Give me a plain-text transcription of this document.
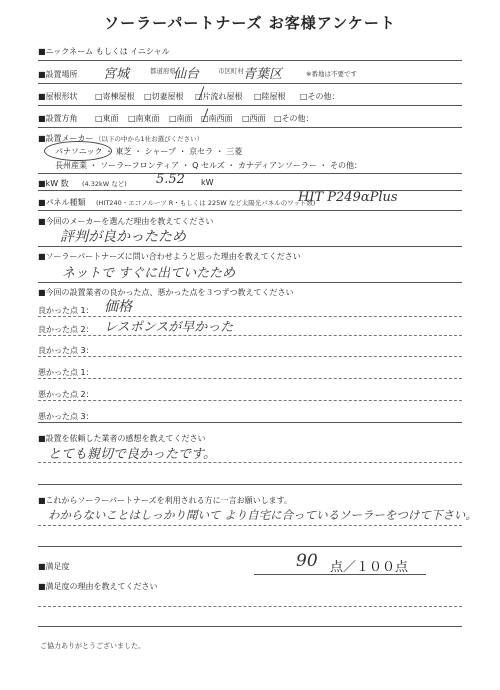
ソーラーパートナーズ お客様アンケート
■ニックネーム もしくは イニシャル
■設置場所 宮城	都道府県
仙台	市区町村 青葉区	※番地は不要です
■屋根形状 □寄棟屋根 □切妻屋根 □片流れ屋根 □陸屋根 □その他：
■設置方角 □東面 □南東面 □南面 □南西面 □西面 □その他：
■設置メーカー （以下の中から1社お選びください）
パナソニック ・ 東芝 ・ シャープ ・ 京セラ ・ 三菱
長州産業 ・ ソーラーフロンティア ・ Q セルズ ・ カナディアンソーラー ・ その他：
■kW 数 (4.32kW など) 5.52 kW
■パネル種類 (HIT240・エコノルーツ R・もしくは 225W など太陽光パネルのワット数)
HIT P249αPlus
■今回のメーカーを選んだ理由を教えてください
評判が良かったため
■ソーラーパートナーズに問い合わせようと思った理由を教えてください
ネットで すぐに出ていたため
■今回の設置業者の良かった点、悪かった点を３つずつ教えてください
良かった点 1： 価格
良かった点 2： レスポンスが早かった
良かった点 3：
悪かった点 1：
悪かった点 2：
悪かった点 3：
■設置を依頼した業者の感想を教えてください
とても親切で良かったです。
■これからソーラーパートナーズを利用される方に一言お願いします。
わからないことはしっかり聞いて より自宅に合っているソーラーをつけて下さい。
■満足度	90 点／１００点
■満足度の理由を教えてください
ご協力ありがとうございました。
